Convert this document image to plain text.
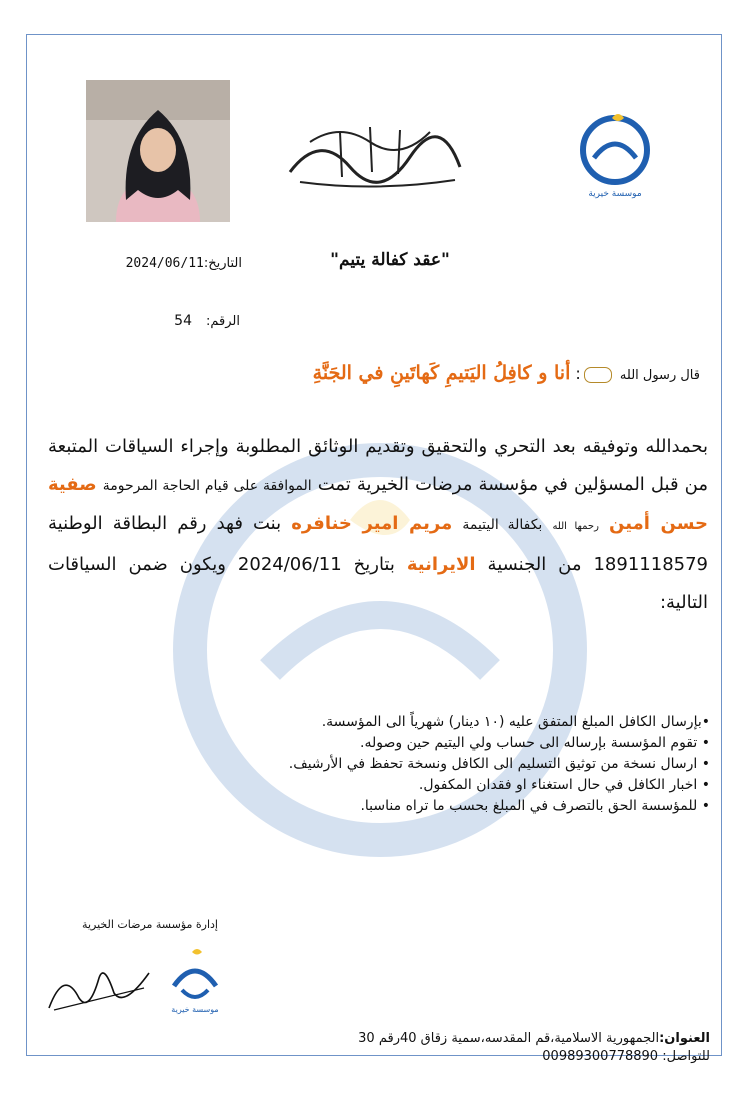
موسسة خيرية
"عقد كفالة يتيم"
التاريخ:2024/06/11
الرقم:54
قال رسول الله : أنا و كافِلُ اليَتيمِ كَهاتَينِ في الجَنَّةِ
بحمدالله وتوفيقه بعد التحري والتحقيق وتقديم الوثائق المطلوبة وإجراء السياقات المتبعة من قبل المسؤلين في مؤسسة مرضات الخيرية تمت الموافقة على قيام الحاجة المرحومة صفية حسن أمين رحمها الله بكفالة اليتيمة مريم امير خنافره بنت فهد رقم البطاقة الوطنية 1891118579 من الجنسية الايرانية بتاريخ 2024/06/11 ويكون ضمن السياقات التالية:
•بإرسال الكافل المبلغ المتفق عليه (١٠ دينار) شهرياً الى المؤسسة.
• تقوم المؤسسة بإرساله الى حساب ولي اليتيم حين وصوله.
• ارسال نسخة من توثيق التسليم الى الكافل ونسخة تحفظ في الأرشيف.
• اخبار الكافل في حال استغناء او فقدان المكفول.
• للمؤسسة الحق بالتصرف في المبلغ بحسب ما تراه مناسبا.
إدارة مؤسسة مرضات الخيرية
موسسة خيرية
العنوان:الجمهورية الاسلامية،قم المقدسه،سمية زقاق 40رقم 30
للتواصل: 00989300778890
